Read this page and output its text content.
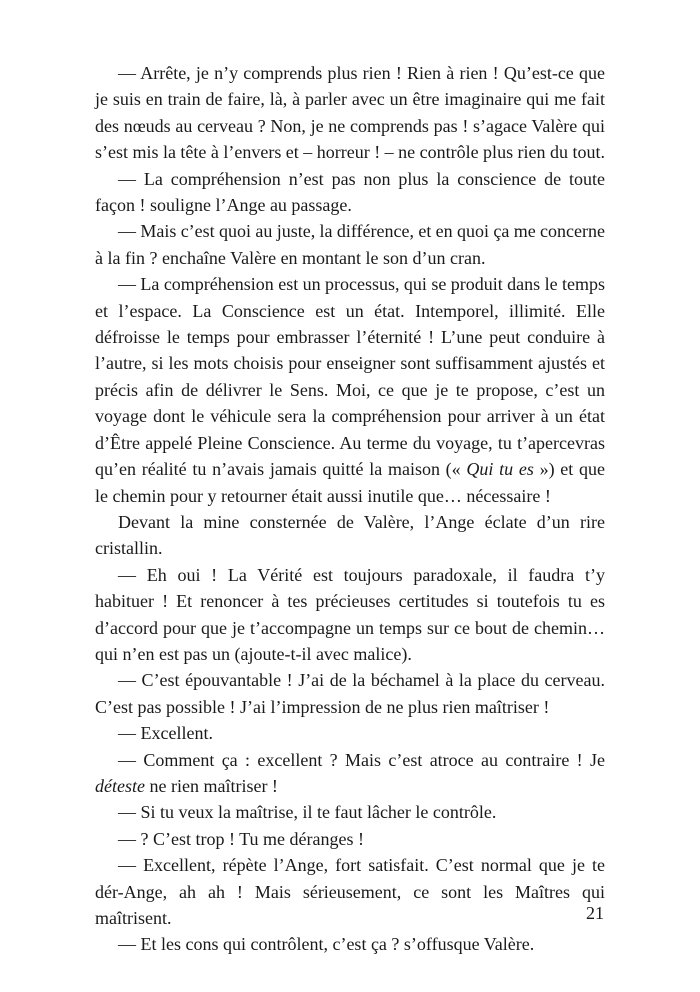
— Arrête, je n’y comprends plus rien ! Rien à rien ! Qu’est-ce que
je suis en train de faire, là, à parler avec un être imaginaire qui me fait
des nœuds au cerveau ? Non, je ne comprends pas ! s’agace Valère qui
s’est mis la tête à l’envers et – horreur ! – ne contrôle plus rien du tout.
— La compréhension n’est pas non plus la conscience de toute
façon ! souligne l’Ange au passage.
— Mais c’est quoi au juste, la différence, et en quoi ça me concerne
à la fin ? enchaîne Valère en montant le son d’un cran.
— La compréhension est un processus, qui se produit dans le temps
et l’espace. La Conscience est un état. Intemporel, illimité. Elle
défroisse le temps pour embrasser l’éternité ! L’une peut conduire à
l’autre, si les mots choisis pour enseigner sont suffisamment ajustés et
précis afin de délivrer le Sens. Moi, ce que je te propose, c’est un
voyage dont le véhicule sera la compréhension pour arriver à un état
d’Être appelé Pleine Conscience. Au terme du voyage, tu t’apercevras
qu’en réalité tu n’avais jamais quitté la maison (« Qui tu es ») et que
le chemin pour y retourner était aussi inutile que… nécessaire !
Devant la mine consternée de Valère, l’Ange éclate d’un rire
cristallin.
— Eh oui ! La Vérité est toujours paradoxale, il faudra t’y
habituer ! Et renoncer à tes précieuses certitudes si toutefois tu es
d’accord pour que je t’accompagne un temps sur ce bout de chemin…
qui n’en est pas un (ajoute-t-il avec malice).
— C’est épouvantable ! J’ai de la béchamel à la place du cerveau.
C’est pas possible ! J’ai l’impression de ne plus rien maîtriser !
— Excellent.
— Comment ça : excellent ? Mais c’est atroce au contraire ! Je
déteste ne rien maîtriser !
— Si tu veux la maîtrise, il te faut lâcher le contrôle.
— ? C’est trop ! Tu me déranges !
— Excellent, répète l’Ange, fort satisfait. C’est normal que je te
dér-Ange, ah ah ! Mais sérieusement, ce sont les Maîtres qui
maîtrisent.
— Et les cons qui contrôlent, c’est ça ? s’offusque Valère.
21
